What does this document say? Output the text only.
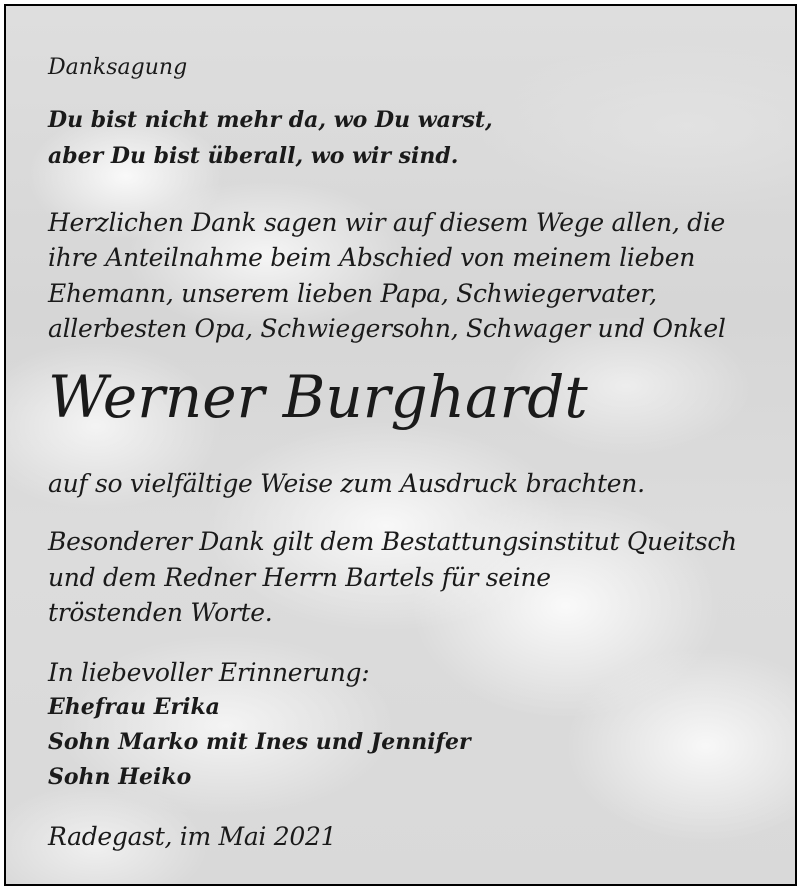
Danksagung
Du bist nicht mehr da, wo Du warst,
aber Du bist überall, wo wir sind.
Herzlichen Dank sagen wir auf diesem Wege allen, die
ihre Anteilnahme beim Abschied von meinem lieben
Ehemann, unserem lieben Papa, Schwiegervater,
allerbesten Opa, Schwiegersohn, Schwager und Onkel
Werner Burghardt
auf so vielfältige Weise zum Ausdruck brachten.
Besonderer Dank gilt dem Bestattungsinstitut Queitsch
und dem Redner Herrn Bartels für seine
tröstenden Worte.
In liebevoller Erinnerung:
Ehefrau Erika
Sohn Marko mit Ines und Jennifer
Sohn Heiko
Radegast, im Mai 2021
